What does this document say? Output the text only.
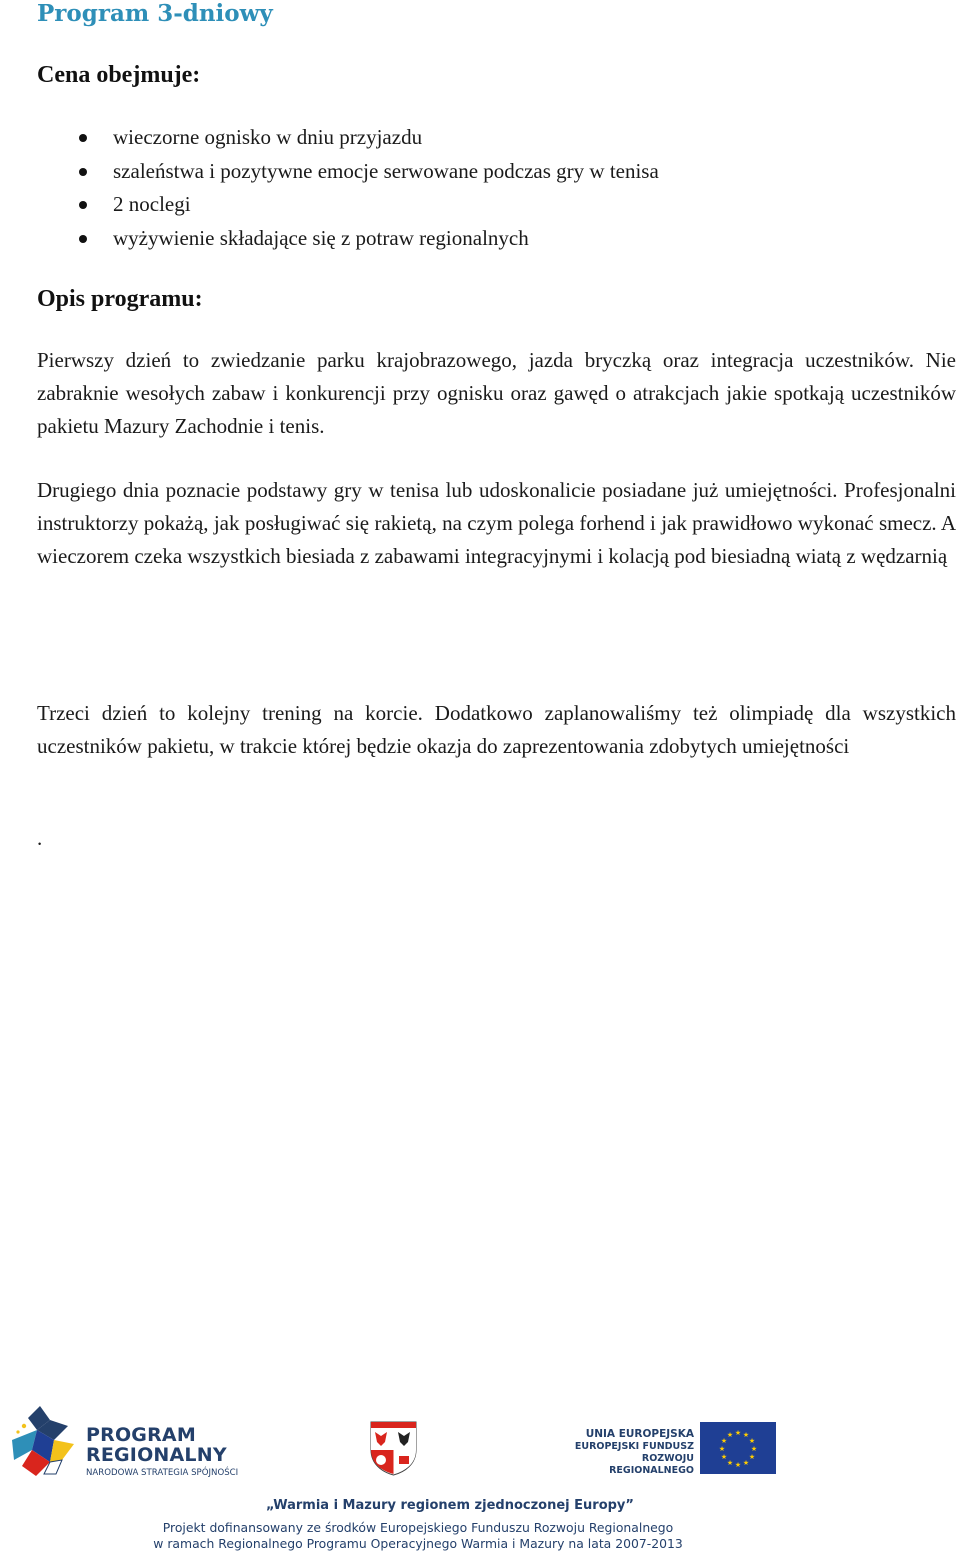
Program 3-dniowy
Cena obejmuje:
wieczorne ognisko w dniu przyjazdu
szaleństwa i pozytywne emocje serwowane podczas gry w tenisa
2 noclegi
wyżywienie składające się z potraw regionalnych
Opis programu:

Pierwszy dzień to zwiedzanie parku krajobrazowego, jazda bryczką oraz integracja uczestników. Nie zabraknie wesołych zabaw i konkurencji przy ognisku oraz gawęd o atrakcjach jakie spotkają uczestników pakietu Mazury Zachodnie i tenis.

Drugiego dnia poznacie podstawy gry w tenisa lub udoskonalicie posiadane już umiejętności. Profesjonalni instruktorzy pokażą, jak posługiwać się rakietą, na czym polega forhend i jak prawidłowo wykonać smecz. A wieczorem czeka wszystkich biesiada z zabawami integracyjnymi i kolacją pod biesiadną wiatą z wędzarnią

Trzeci dzień to kolejny trening na korcie. Dodatkowo zaplanowaliśmy też olimpiadę dla wszystkich uczestników pakietu, w trakcie której będzie okazja do zaprezentowania zdobytych umiejętności

.

PROGRAM
REGIONALNY
NARODOWA STRATEGIA SPÓJNOŚCI
UNIA EUROPEJSKA
EUROPEJSKI FUNDUSZ
ROZWOJU REGIONALNEGO
★ ★
★
★
★
★
★
★
★
★
★
★
„Warmia i Mazury regionem zjednoczonej Europy”
Projekt dofinansowany ze środków Europejskiego Funduszu Rozwoju Regionalnego
w ramach Regionalnego Programu Operacyjnego Warmia i Mazury na lata 2007-2013
